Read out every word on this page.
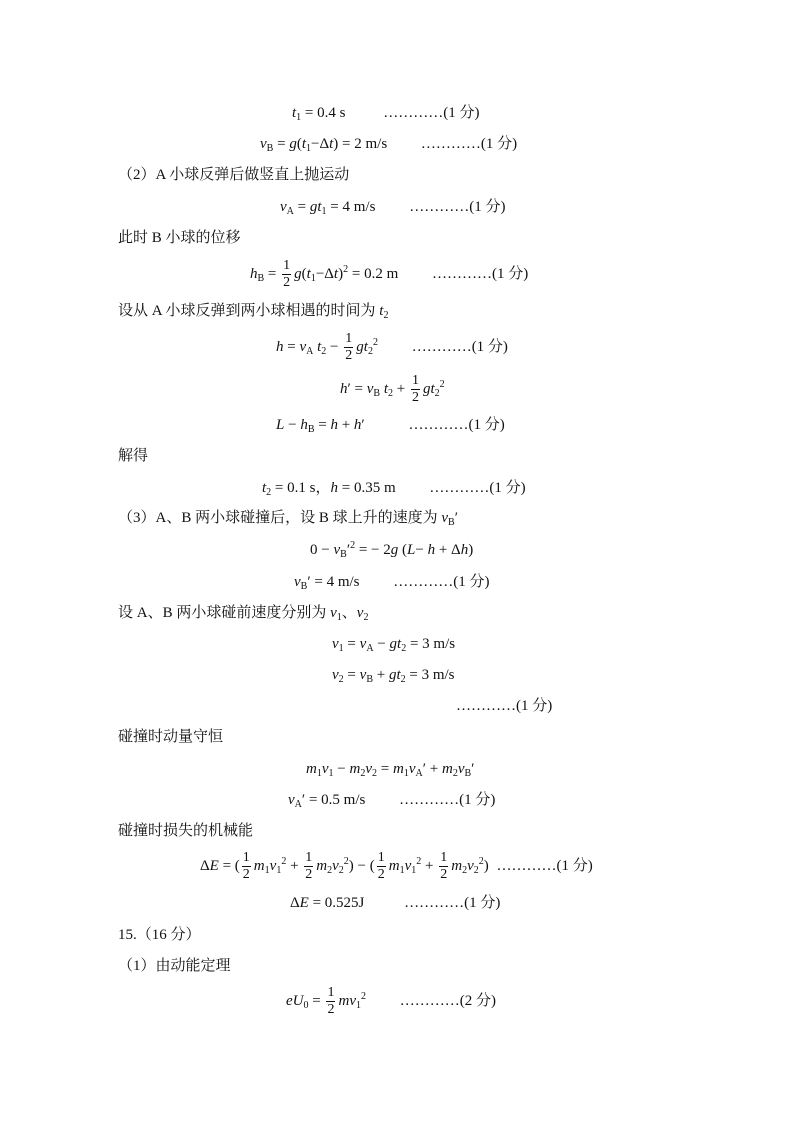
$t_1 = 0.4$ s	…………(1 分)
$v_B = g(t_1-\Delta t) = 2$ m/s …………(1 分)
（2）A 小球反弹后做竖直上抛运动
$v_A = gt_1 = 4$ m/s …………(1 分)
此时 B 小球的位移
$h_B = \frac{1}{2} g(t_1-\Delta t)^2 = 0.2$ m …………(1 分)
设从 A 小球反弹到两小球相遇的时间为 $t_2$
$h = v_A$ $t_2 - \frac{1}{2} gt_2^2$ …………(1 分)
$h' = v_B$ $t_2 + \frac{1}{2} gt_2^2$
$L - h_B = h + h'$	…………(1 分)
解得
$t_2 = 0.1$ s，h = 0.35 m …………(1 分)
（3）A、B 两小球碰撞后，设 B 球上升的速度为 $v_B'$
$0 - v_B'^2$ = − 2g (L− h + Δh)
$v_B' = 4$ m/s …………(1 分)
设 A、B 两小球碰前速度分别为 $v_1$、$v_2$
$v_1 = v_A - gt_2 = 3$ m/s
$v_2 = v_B + gt_2 = 3$ m/s
…………(1 分)
碰撞时动量守恒
$m_1v_1 - m_2v_2 = m_1v_A' + m_2v_B'$
$v_A' = 0.5$ m/s …………(1 分)
碰撞时损失的机械能
ΔE = ( $\frac{1}{2} m_1v_1^2 + \frac{1}{2} m_2v_2^2$) − ( $\frac{1}{2} m_1v_1^2 + \frac{1}{2} m_2v_2^2$) …………(1 分)
ΔE = 0.525J	…………(1 分)
15.（16 分）
（1）由动能定理
$eU_0 = \frac{1}{2} mv_1^2$ …………(2 分)
